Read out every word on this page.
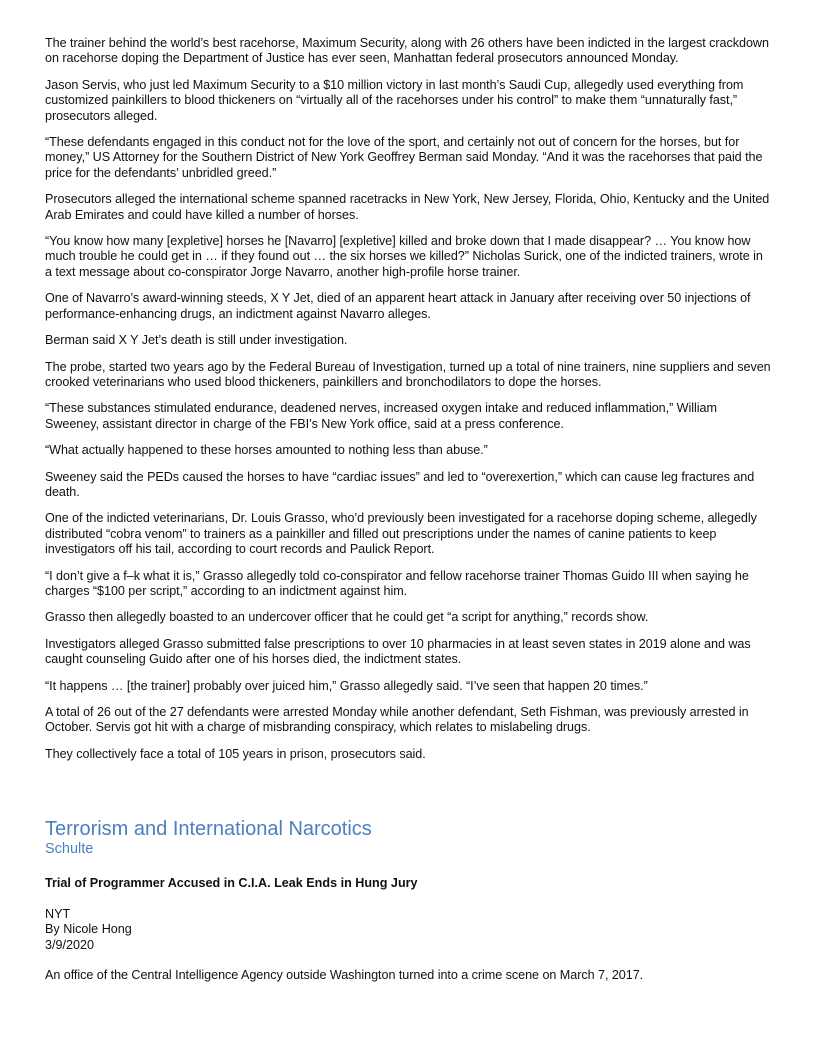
The trainer behind the world’s best racehorse, Maximum Security, along with 26 others have been indicted in the largest crackdown on racehorse doping the Department of Justice has ever seen, Manhattan federal prosecutors announced Monday.

Jason Servis, who just led Maximum Security to a $10 million victory in last month’s Saudi Cup, allegedly used everything from customized painkillers to blood thickeners on “virtually all of the racehorses under his control” to make them “unnaturally fast,” prosecutors alleged.

“These defendants engaged in this conduct not for the love of the sport, and certainly not out of concern for the horses, but for money,” US Attorney for the Southern District of New York Geoffrey Berman said Monday. “And it was the racehorses that paid the price for the defendants’ unbridled greed.”

Prosecutors alleged the international scheme spanned racetracks in New York, New Jersey, Florida, Ohio, Kentucky and the United Arab Emirates and could have killed a number of horses.

“You know how many [expletive] horses he [Navarro] [expletive] killed and broke down that I made disappear? … You know how much trouble he could get in … if they found out … the six horses we killed?” Nicholas Surick, one of the indicted trainers, wrote in a text message about co-conspirator Jorge Navarro, another high-profile horse trainer.

One of Navarro’s award-winning steeds, X Y Jet, died of an apparent heart attack in January after receiving over 50 injections of performance-enhancing drugs, an indictment against Navarro alleges.

Berman said X Y Jet’s death is still under investigation.

The probe, started two years ago by the Federal Bureau of Investigation, turned up a total of nine trainers, nine suppliers and seven crooked veterinarians who used blood thickeners, painkillers and bronchodilators to dope the horses.

“These substances stimulated endurance, deadened nerves, increased oxygen intake and reduced inflammation,” William Sweeney, assistant director in charge of the FBI’s New York office, said at a press conference.

“What actually happened to these horses amounted to nothing less than abuse.”

Sweeney said the PEDs caused the horses to have “cardiac issues” and led to “overexertion,” which can cause leg fractures and death.

One of the indicted veterinarians, Dr. Louis Grasso, who’d previously been investigated for a racehorse doping scheme, allegedly distributed “cobra venom” to trainers as a painkiller and filled out prescriptions under the names of canine patients to keep investigators off his tail, according to court records and Paulick Report.

“I don’t give a f–k what it is,” Grasso allegedly told co-conspirator and fellow racehorse trainer Thomas Guido III when saying he charges “$100 per script,” according to an indictment against him.

Grasso then allegedly boasted to an undercover officer that he could get “a script for anything,” records show.

Investigators alleged Grasso submitted false prescriptions to over 10 pharmacies in at least seven states in 2019 alone and was caught counseling Guido after one of his horses died, the indictment states.

“It happens … [the trainer] probably over juiced him,” Grasso allegedly said. “I’ve seen that happen 20 times.”

A total of 26 out of the 27 defendants were arrested Monday while another defendant, Seth Fishman, was previously arrested in October. Servis got hit with a charge of misbranding conspiracy, which relates to mislabeling drugs.

They collectively face a total of 105 years in prison, prosecutors said.

Terrorism and International Narcotics
Schulte

Trial of Programmer Accused in C.I.A. Leak Ends in Hung Jury

NYT

By Nicole Hong

3/9/2020

An office of the Central Intelligence Agency outside Washington turned into a crime scene on March 7, 2017.
